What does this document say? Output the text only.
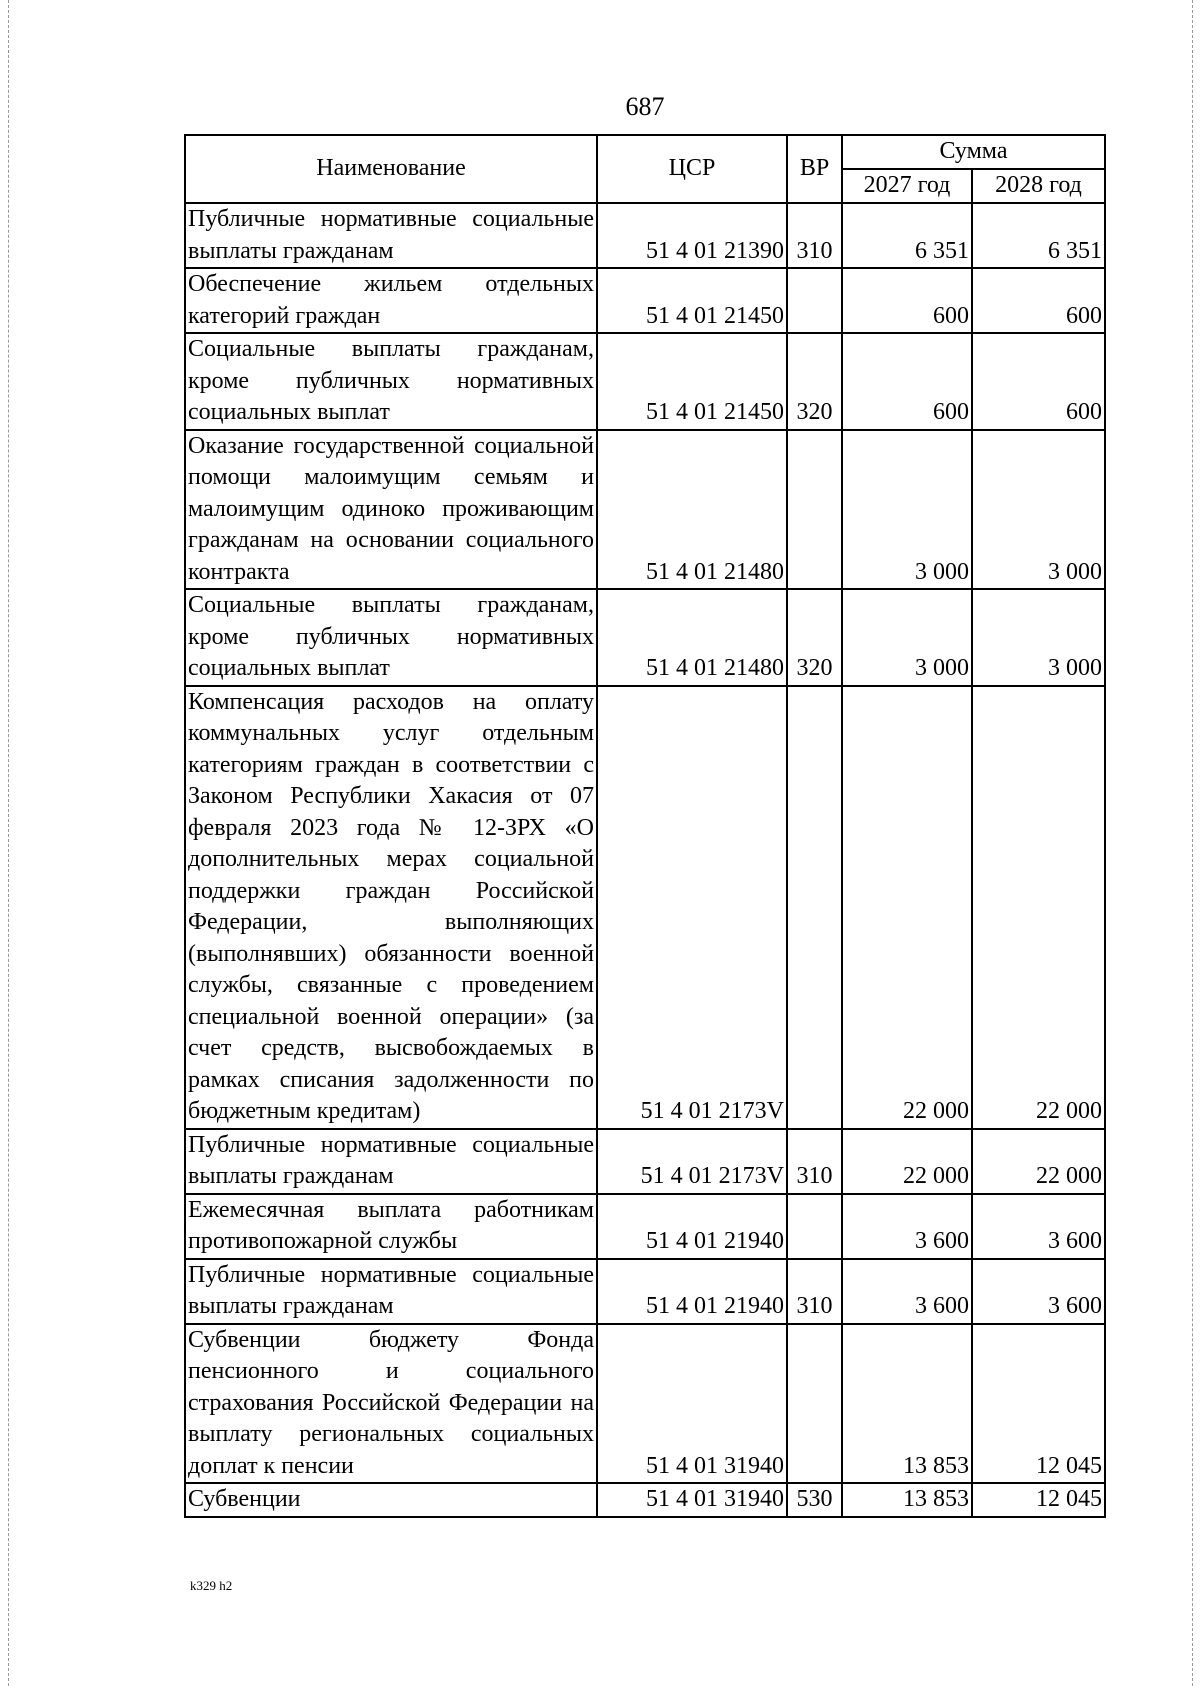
687
Наименование	ЦСР	ВР	Сумма	
			2027 год	2028 год
Публичные нормативные социальные выплаты гражданам	51 4 01 21390	310	6 351	6 351
Обеспечение жильем отдельных категорий граждан	51 4 01 21450		600	600
Социальные выплаты гражданам, кроме публичных нормативных социальных выплат	51 4 01 21450	320	600	600
Оказание государственной социальной помощи малоимущим семьям и малоимущим одиноко проживающим гражданам на основании социального контракта	51 4 01 21480		3 000	3 000
Социальные выплаты гражданам, кроме публичных нормативных социальных выплат	51 4 01 21480	320	3 000	3 000
Компенсация расходов на оплату коммунальных услуг отдельным категориям граждан в соответствии с Законом Республики Хакасия от 07 февраля 2023 года № 12-ЗРХ «О дополнительных мерах социальной поддержки граждан Российской Федерации, выполняющих (выполнявших) обязанности военной службы, связанные с проведением специальной военной операции» (за счет средств, высвобождаемых в рамках списания задолженности по бюджетным кредитам)	51 4 01 2173V		22 000	22 000
Публичные нормативные социальные выплаты гражданам	51 4 01 2173V	310	22 000	22 000
Ежемесячная выплата работникам противопожарной службы	51 4 01 21940		3 600	3 600
Публичные нормативные социальные выплаты гражданам	51 4 01 21940	310	3 600	3 600
Субвенции бюджету Фонда пенсионного и социального страхования Российской Федерации на выплату региональных социальных доплат к пенсии	51 4 01 31940		13 853	12 045
Субвенции	51 4 01 31940	530	13 853	12 045
k329 h2
